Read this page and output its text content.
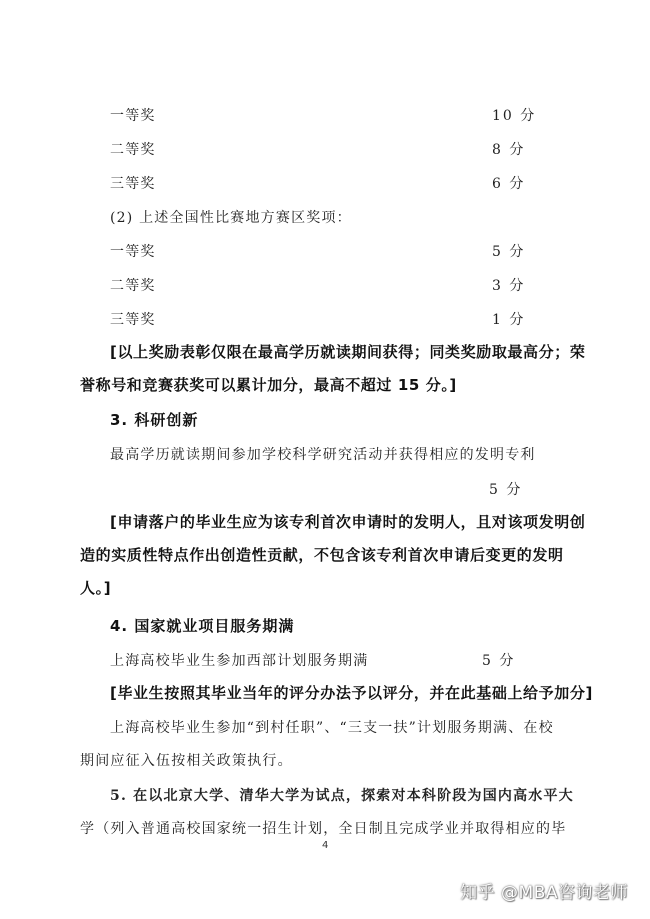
一等奖	10 分
二等奖	8 分
三等奖	6 分
(2) 上述全国性比赛地方赛区奖项：
一等奖	5 分
二等奖	3 分
三等奖	1 分
[以上奖励表彰仅限在最高学历就读期间获得；同类奖励取最高分；荣
誉称号和竞赛获奖可以累计加分，最高不超过 15 分。]
3. 科研创新
最高学历就读期间参加学校科学研究活动并获得相应的发明专利
5 分
[申请落户的毕业生应为该专利首次申请时的发明人，且对该项发明创
造的实质性特点作出创造性贡献，不包含该专利首次申请后变更的发明
人。]
4. 国家就业项目服务期满
上海高校毕业生参加西部计划服务期满	5 分
[毕业生按照其毕业当年的评分办法予以评分，并在此基础上给予加分]
上海高校毕业生参加“到村任职”、“三支一扶”计划服务期满、在校
期间应征入伍按相关政策执行。
5. 在以北京大学、清华大学为试点，探索对本科阶段为国内高水平大
学（列入普通高校国家统一招生计划，全日制且完成学业并取得相应的毕
4
知乎 @MBA咨询老师
